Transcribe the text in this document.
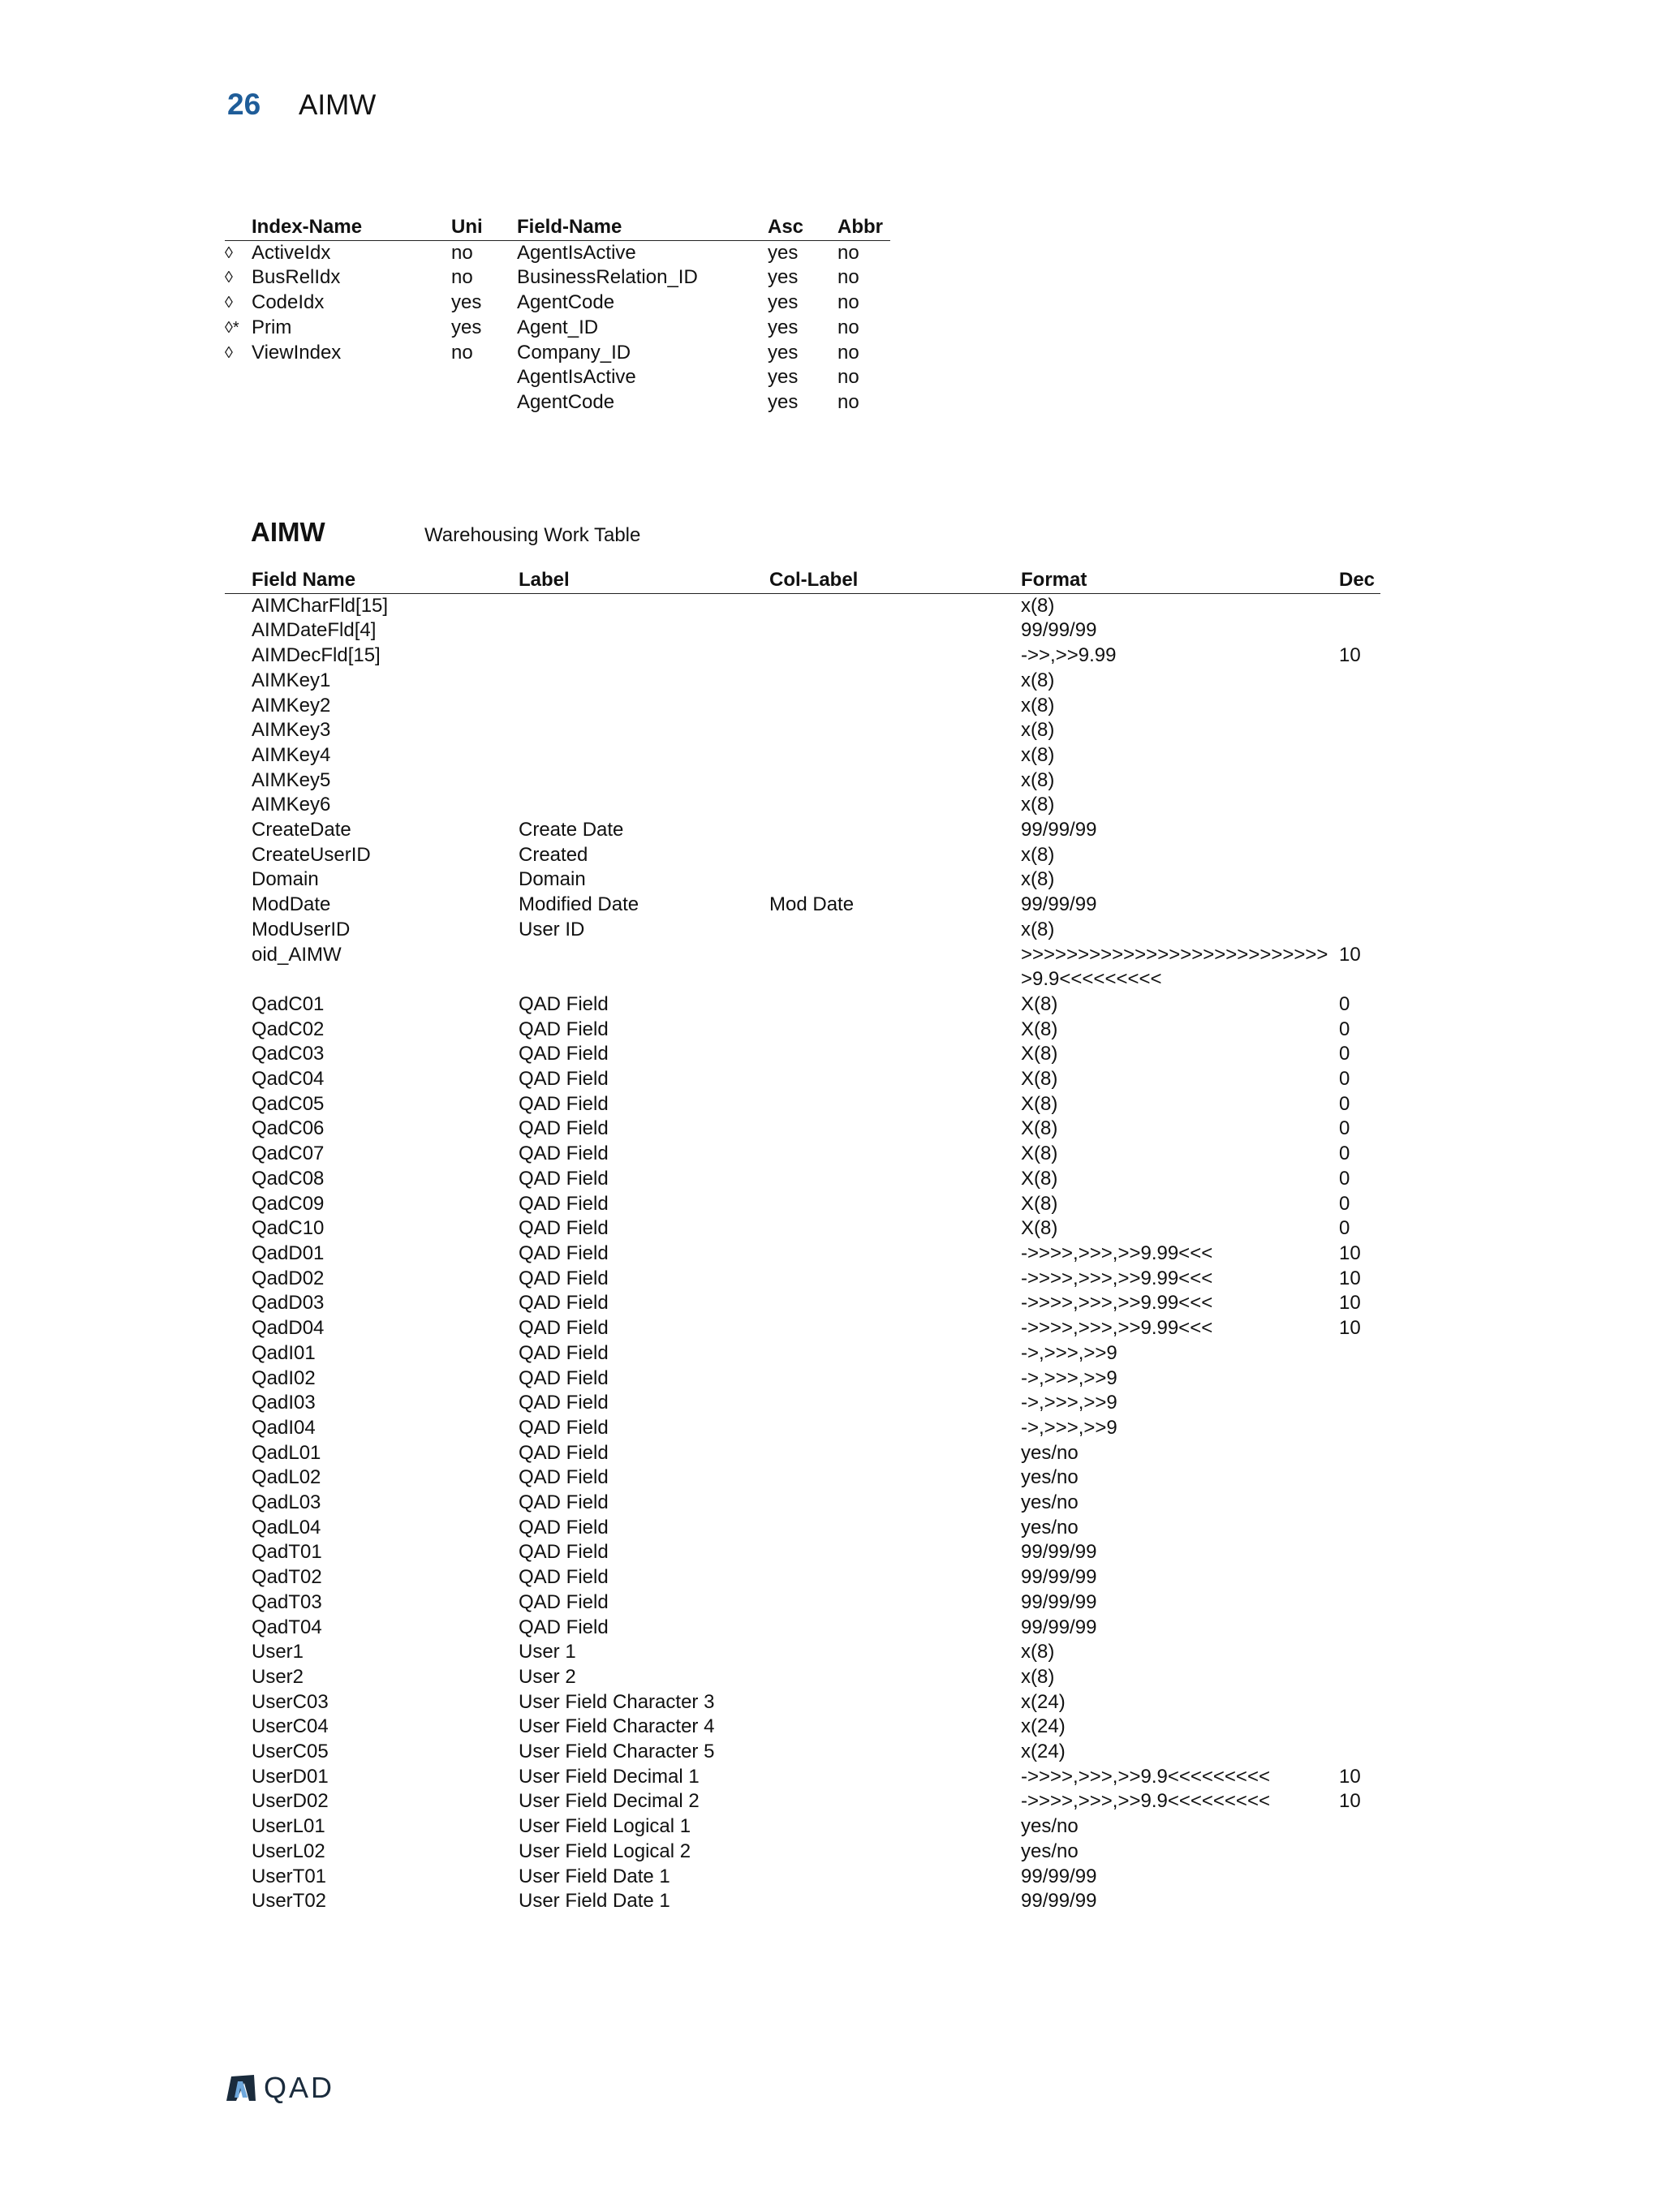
26	AIMW
	Index-Name	Uni	Field-Name	Asc	Abbr
◊	ActiveIdx	no	AgentIsActive	yes	no
◊	BusRelIdx	no	BusinessRelation_ID	yes	no
◊	CodeIdx	yes	AgentCode	yes	no
◊*	Prim	yes	Agent_ID	yes	no
◊	ViewIndex	no	Company_ID	yes	no
			AgentIsActive	yes	no
			AgentCode	yes	no
AIMW	Warehousing Work Table
	Field Name	Label	Col-Label	Format	Dec
	AIMCharFld[15]			x(8)	
	AIMDateFld[4]			99/99/99	
	AIMDecFld[15]			->>,>>9.99	10
	AIMKey1			x(8)	
	AIMKey2			x(8)	
	AIMKey3			x(8)	
	AIMKey4			x(8)	
	AIMKey5			x(8)	
	AIMKey6			x(8)	
	CreateDate	Create Date		99/99/99	
	CreateUserID	Created		x(8)	
	Domain	Domain		x(8)	
	ModDate	Modified Date	Mod Date	99/99/99	
	ModUserID	User ID		x(8)	
	oid_AIMW			>>>>>>>>>>>>>>>>>>>>>>>>>>>>9.9<<<<<<<<<	10
	QadC01	QAD Field		X(8)	0
	QadC02	QAD Field		X(8)	0
	QadC03	QAD Field		X(8)	0
	QadC04	QAD Field		X(8)	0
	QadC05	QAD Field		X(8)	0
	QadC06	QAD Field		X(8)	0
	QadC07	QAD Field		X(8)	0
	QadC08	QAD Field		X(8)	0
	QadC09	QAD Field		X(8)	0
	QadC10	QAD Field		X(8)	0
	QadD01	QAD Field		->>>>,>>>,>>9.99<<<	10
	QadD02	QAD Field		->>>>,>>>,>>9.99<<<	10
	QadD03	QAD Field		->>>>,>>>,>>9.99<<<	10
	QadD04	QAD Field		->>>>,>>>,>>9.99<<<	10
	QadI01	QAD Field		->,>>>,>>9	
	QadI02	QAD Field		->,>>>,>>9	
	QadI03	QAD Field		->,>>>,>>9	
	QadI04	QAD Field		->,>>>,>>9	
	QadL01	QAD Field		yes/no	
	QadL02	QAD Field		yes/no	
	QadL03	QAD Field		yes/no	
	QadL04	QAD Field		yes/no	
	QadT01	QAD Field		99/99/99	
	QadT02	QAD Field		99/99/99	
	QadT03	QAD Field		99/99/99	
	QadT04	QAD Field		99/99/99	
	User1	User 1		x(8)	
	User2	User 2		x(8)	
	UserC03	User Field Character 3		x(24)	
	UserC04	User Field Character 4		x(24)	
	UserC05	User Field Character 5		x(24)	
	UserD01	User Field Decimal 1		->>>>,>>>,>>9.9<<<<<<<<<	10
	UserD02	User Field Decimal 2		->>>>,>>>,>>9.9<<<<<<<<<	10
	UserL01	User Field Logical 1		yes/no	
	UserL02	User Field Logical 2		yes/no	
	UserT01	User Field Date 1		99/99/99	
	UserT02	User Field Date 1		99/99/99	
QAD
